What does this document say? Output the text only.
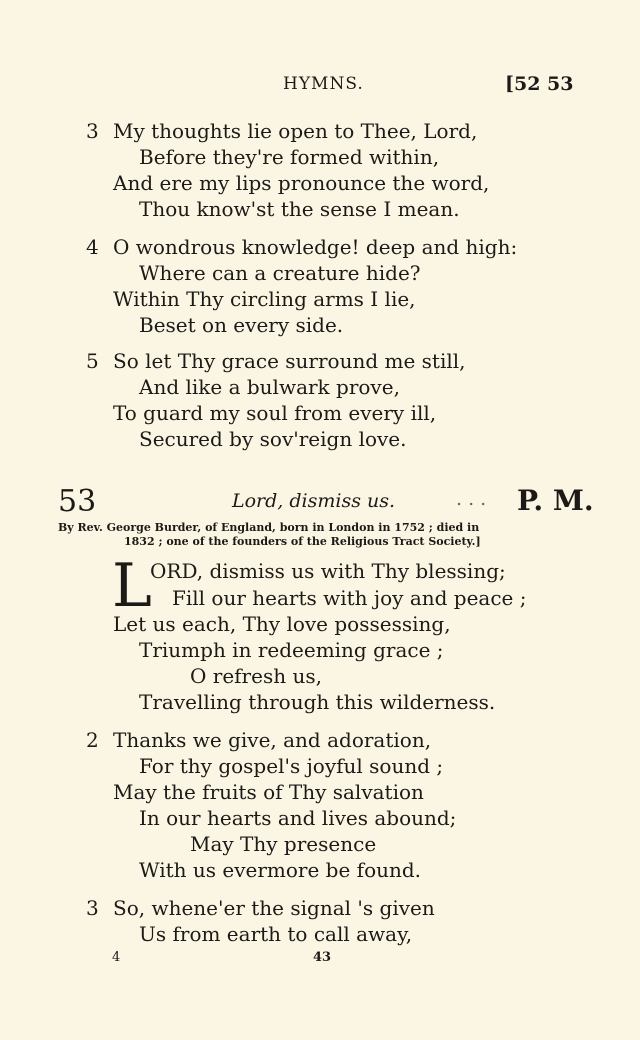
HYMNS.	[52 53
3 My thoughts lie open to Thee, Lord,
Before they're formed within,
And ere my lips pronounce the word,
Thou know'st the sense I mean.
4 O wondrous knowledge! deep and high:
Where can a creature hide?
Within Thy circling arms I lie,
Beset on every side.
5 So let Thy grace surround me still,
And like a bulwark prove,
To guard my soul from every ill,
Secured by sov'reign love.
53	Lord, dismiss us.	. . . P. M.
By Rev. George Burder, of England, born in London in 1752 ; died in
1832 ; one of the founders of the Religious Tract Society.]
L
ORD, dismiss us with Thy blessing;
Fill our hearts with joy and peace ;
Let us each, Thy love possessing,
Triumph in redeeming grace ;
O refresh us,
Travelling through this wilderness.
2 Thanks we give, and adoration,
For thy gospel's joyful sound ;
May the fruits of Thy salvation
In our hearts and lives abound;
May Thy presence
With us evermore be found.
3 So, whene'er the signal 's given
Us from earth to call away,
4	43
